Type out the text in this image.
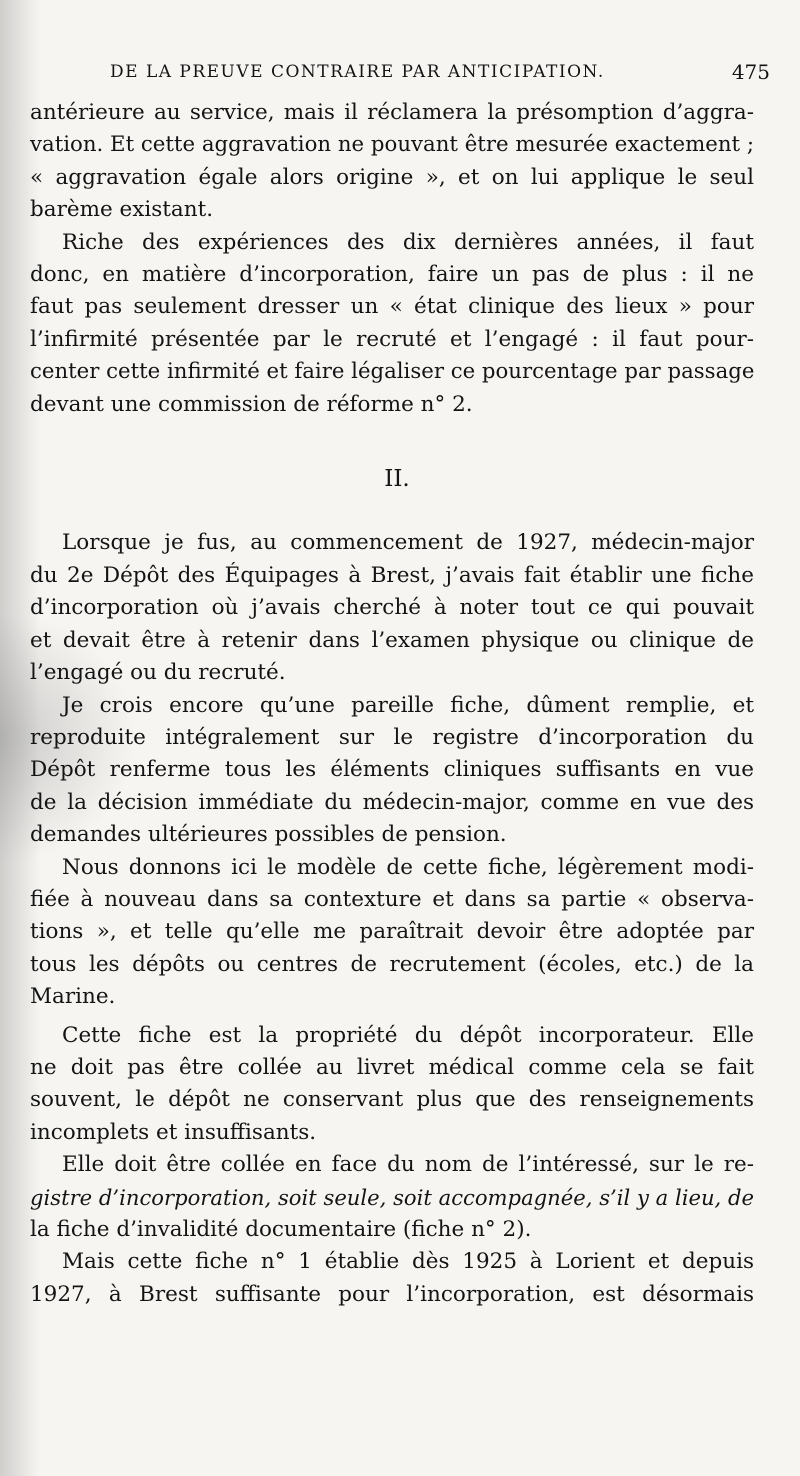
DE LA PREUVE CONTRAIRE PAR ANTICIPATION.	475
antérieure au service, mais il réclamera la présomption d’aggra-
vation. Et cette aggravation ne pouvant être mesurée exactement ;
« aggravation égale alors origine », et on lui applique le seul
barème existant.
Riche des expériences des dix dernières années, il faut
donc, en matière d’incorporation, faire un pas de plus : il ne
faut pas seulement dresser un « état clinique des lieux » pour
l’infirmité présentée par le recruté et l’engagé : il faut pour-
center cette infirmité et faire légaliser ce pourcentage par passage
devant une commission de réforme n° 2.
II.
Lorsque je fus, au commencement de 1927, médecin-major
du 2e Dépôt des Équipages à Brest, j’avais fait établir une fiche
d’incorporation où j’avais cherché à noter tout ce qui pouvait
et devait être à retenir dans l’examen physique ou clinique de
l’engagé ou du recruté.
Je crois encore qu’une pareille fiche, dûment remplie, et
reproduite intégralement sur le registre d’incorporation du
Dépôt renferme tous les éléments cliniques suffisants en vue
de la décision immédiate du médecin-major, comme en vue des
demandes ultérieures possibles de pension.
Nous donnons ici le modèle de cette fiche, légèrement modi-
fiée à nouveau dans sa contexture et dans sa partie « observa-
tions », et telle qu’elle me paraîtrait devoir être adoptée par
tous les dépôts ou centres de recrutement (écoles, etc.) de la
Marine.
Cette fiche est la propriété du dépôt incorporateur. Elle
ne doit pas être collée au livret médical comme cela se fait
souvent, le dépôt ne conservant plus que des renseignements
incomplets et insuffisants.
Elle doit être collée en face du nom de l’intéressé, sur le re-
gistre d’incorporation, soit seule, soit accompagnée, s’il y a lieu, de
la fiche d’invalidité documentaire (fiche n° 2).
Mais cette fiche n° 1 établie dès 1925 à Lorient et depuis
1927, à Brest suffisante pour l’incorporation, est désormais
